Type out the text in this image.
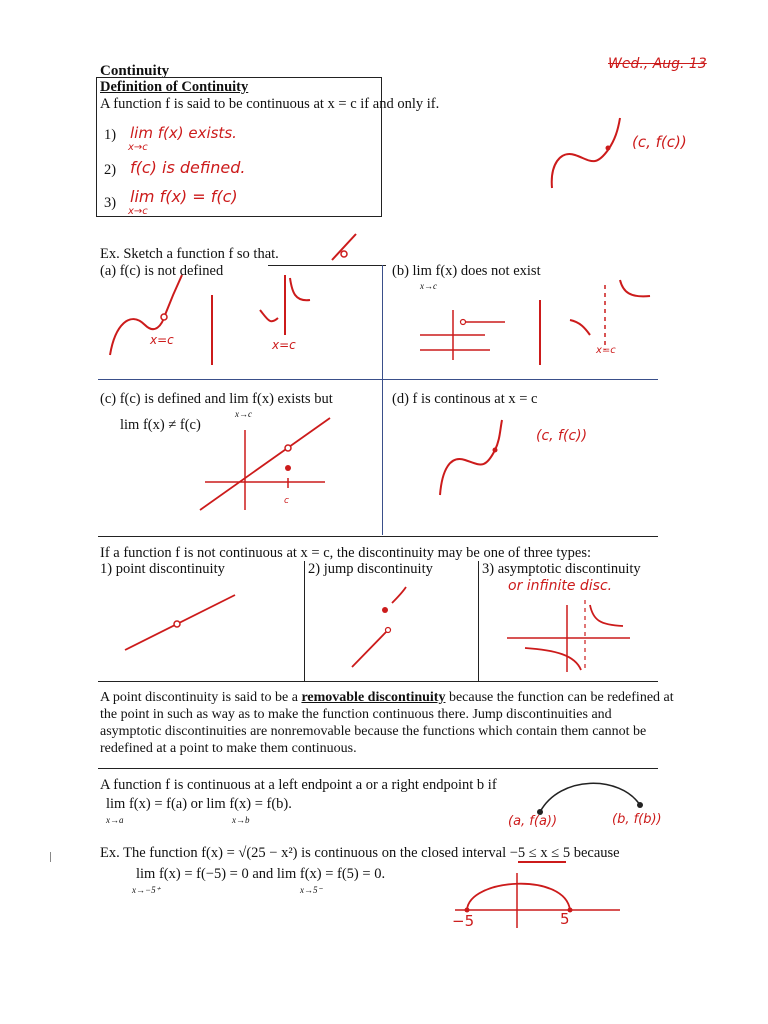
Continuity	Wed., Aug. 13
Definition of Continuity
A function f is said to be continuous at x = c if and only if.
1) lim f(x) exists.
x→c
2) f(c) is defined.
3) lim f(x) = f(c)
x→c
(c, f(c))
Ex. Sketch a function f so that.
(a) f(c) is not defined	(b) lim f(x) does not exist
x→c
x=c	x=c	x=c
(c) f(c) is defined and lim f(x) exists but
x→c
lim f(x) ≠ f(c)
(d) f is continous at x = c
c
(c, f(c))
If a function f is not continuous at x = c, the discontinuity may be one of three types:
1) point discontinuity	2) jump discontinuity	3) asymptotic discontinuity
or infinite disc.
A point discontinuity is said to be a removable discontinuity because the function can be redefined at
the point in such as way as to make the function continuous there. Jump discontinuities and
asymptotic discontinuities are nonremovable because the functions which contain them cannot be
redefined at a point to make them continuous.
A function f is continuous at a left endpoint a or a right endpoint b if
lim f(x) = f(a) or lim f(x) = f(b).
x→a	x→b	(a, f(a))	(b, f(b))
Ex. The function f(x) = √(25 − x²) is continuous on the closed interval −5 ≤ x ≤ 5 because
lim f(x) = f(−5) = 0 and lim f(x) = f(5) = 0.
x→−5⁺	x→5⁻
−5	5
